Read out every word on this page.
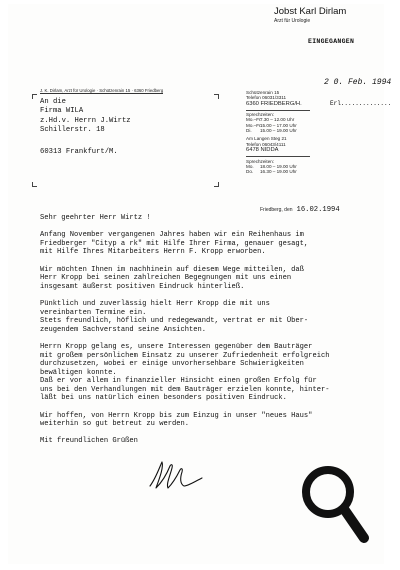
Jobst Karl Dirlam
Arzt für Urologie
EINGEGANGEN
2 0. Feb. 1994
Erl..............
J. K. Dirlam, Arzt für Urologie · Schützenrain 15 · 6360 Friedberg
An die
Firma WILA
z.Hd.v. Herrn J.Wirtz
Schillerstr. 18
60313 Frankfurt/M.
Schützenrain 15
Telefon 06031/3311
6360 FRIEDBERG/H.
Sprechzeiten:
Mo.–Fr.7.30 – 12.00 Uhr
Mo.–Fr.15.00 – 17.00 Uhr
Di. 15.00 – 19.00 Uhr
Am Langen Steg 21
Telefon 06043/4111
6478 NIDDA
Sprechzeiten:
Mo. 18.00 – 19.00 Uhr
Do. 16.30 – 19.00 Uhr
Friedberg, den 16.02.1994
Sehr geehrter Herr Wirtz !
Anfang November vergangenen Jahres haben wir ein Reihenhaus im
Friedberger "Cityp a rk" mit Hilfe Ihrer Firma, genauer gesagt,
mit Hilfe Ihres Mitarbeiters Herrn F. Kropp erworben.
Wir möchten Ihnen im nachhinein auf diesem Wege mitteilen, daß
Herr Kropp bei seinen zahlreichen Begegnungen mit uns einen
insgesamt äußerst positiven Eindruck hinterließ.
Pünktlich und zuverlässig hielt Herr Kropp die mit uns
vereinbarten Termine ein.
Stets freundlich, höflich und redegewandt, vertrat er mit Über-
zeugendem Sachverstand seine Ansichten.
Herrn Kropp gelang es, unsere Interessen gegenüber dem Bauträger
mit großem persönlichem Einsatz zu unserer Zufriedenheit erfolgreich
durchzusetzen, wobei er einige unvorhersehbare Schwierigkeiten
bewältigen konnte.
Daß er vor allem in finanzieller Hinsicht einen großen Erfolg für
uns bei den Verhandlungen mit dem Bauträger erzielen konnte, hinter-
läßt bei uns natürlich einen besonders positiven Eindruck.
Wir hoffen, von Herrn Kropp bis zum Einzug in unser "neues Haus"
weiterhin so gut betreut zu werden.
Mit freundlichen Grüßen
